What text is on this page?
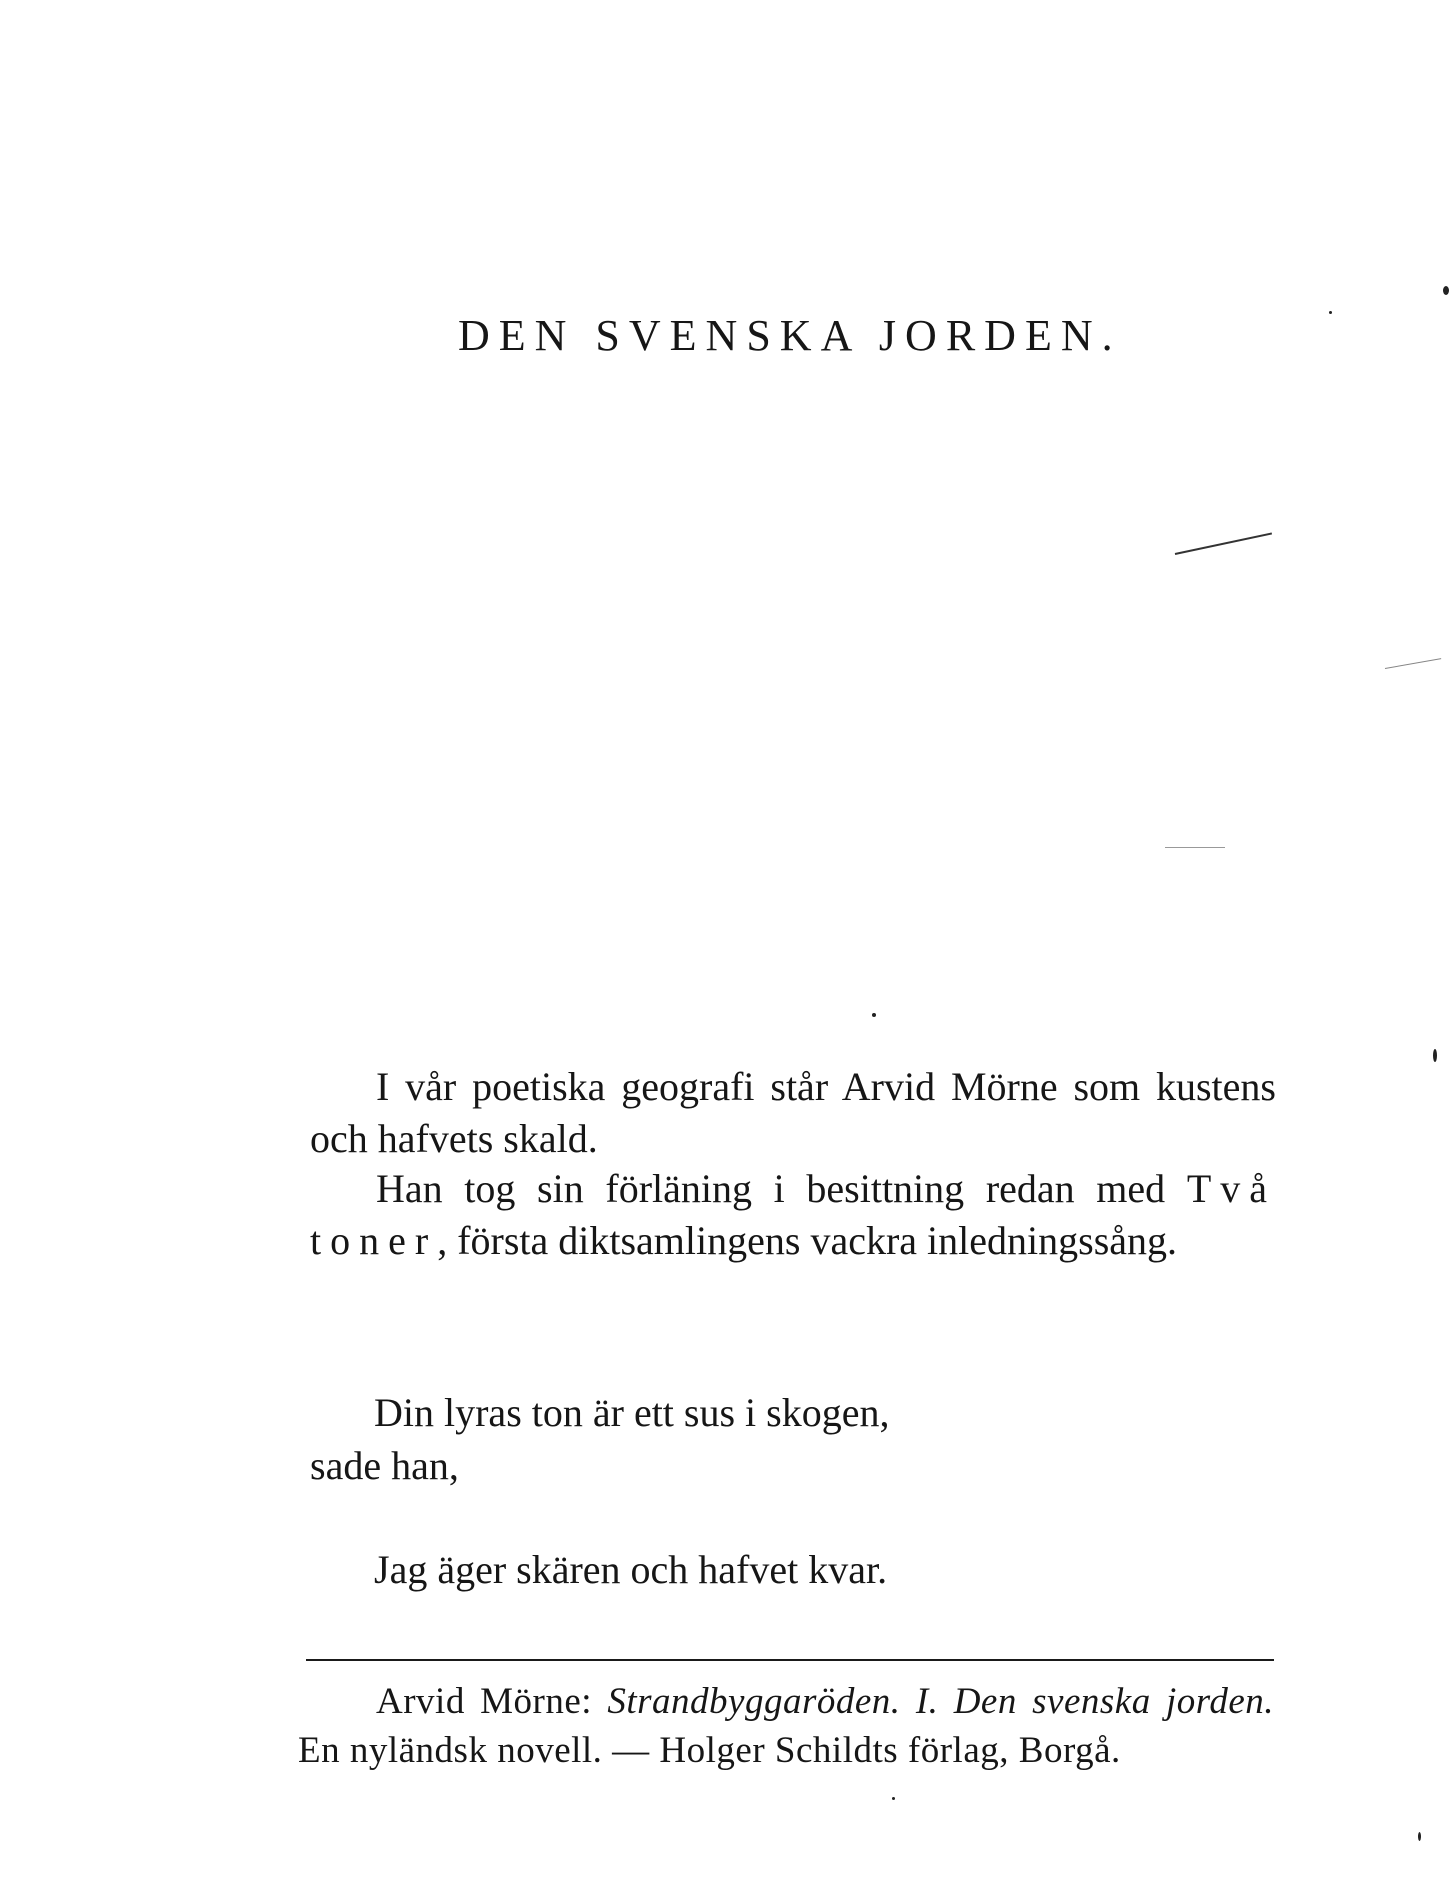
DEN SVENSKA JORDEN.

I vår poetiska geografi står Arvid Mörne som kustens och hafvets skald.

Han tog sin förläning i besittning redan med Två toner, första diktsamlingens vackra inledningssång.

Din lyras ton är ett sus i skogen,
sade han,
Jag äger skären och hafvet kvar.
Arvid Mörne: Strandbyggaröden. I. Den svenska jorden. En nyländsk novell. — Holger Schildts förlag, Borgå.
